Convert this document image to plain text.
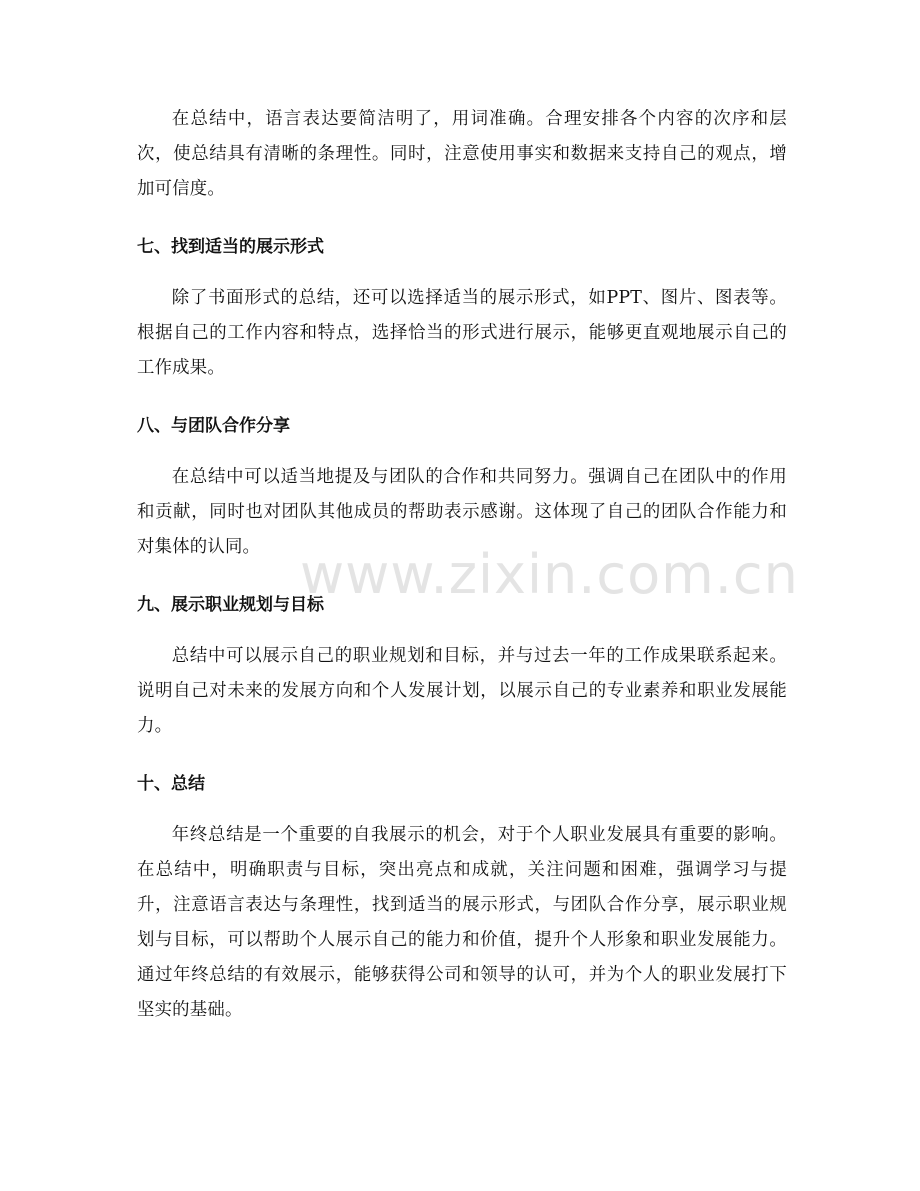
在总结中，语言表达要简洁明了，用词准确。合理安排各个内容的次序和层次，使总结具有清晰的条理性。同时，注意使用事实和数据来支持自己的观点，增加可信度。

七、找到适当的展示形式

除了书面形式的总结，还可以选择适当的展示形式，如PPT、图片、图表等。根据自己的工作内容和特点，选择恰当的形式进行展示，能够更直观地展示自己的工作成果。

八、与团队合作分享

在总结中可以适当地提及与团队的合作和共同努力。强调自己在团队中的作用和贡献，同时也对团队其他成员的帮助表示感谢。这体现了自己的团队合作能力和对集体的认同。

九、展示职业规划与目标

总结中可以展示自己的职业规划和目标，并与过去一年的工作成果联系起来。说明自己对未来的发展方向和个人发展计划，以展示自己的专业素养和职业发展能力。

十、总结

年终总结是一个重要的自我展示的机会，对于个人职业发展具有重要的影响。在总结中，明确职责与目标，突出亮点和成就，关注问题和困难，强调学习与提升，注意语言表达与条理性，找到适当的展示形式，与团队合作分享，展示职业规划与目标，可以帮助个人展示自己的能力和价值，提升个人形象和职业发展能力。通过年终总结的有效展示，能够获得公司和领导的认可，并为个人的职业发展打下坚实的基础。

www.zixin.com.cn
